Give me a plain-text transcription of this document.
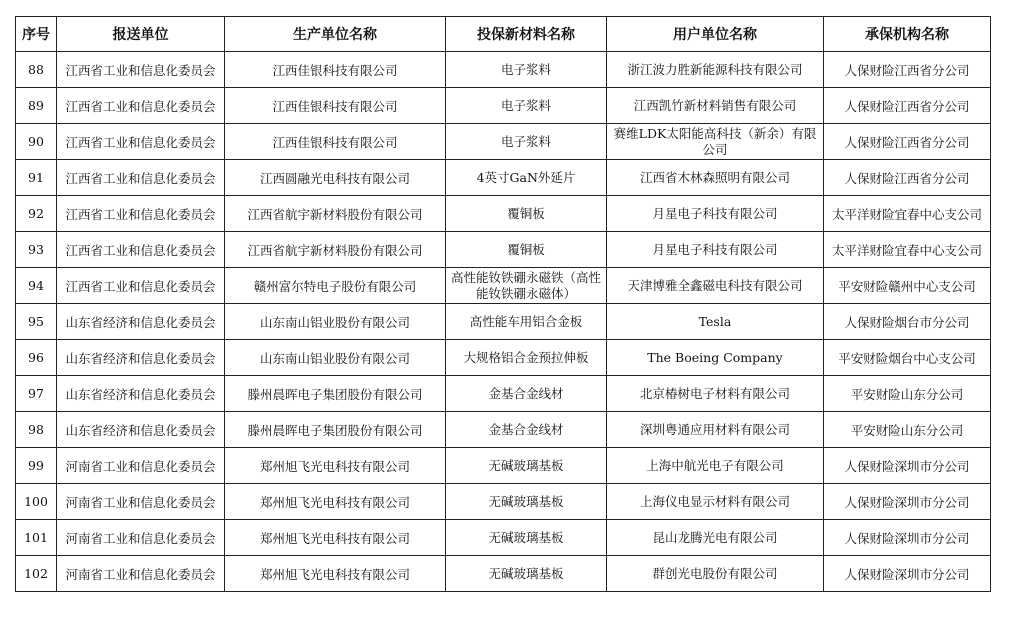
序号	报送单位	生产单位名称	投保新材料名称	用户单位名称	承保机构名称
88	江西省工业和信息化委员会	江西佳银科技有限公司	电子浆料	浙江波力胜新能源科技有限公司	人保财险江西省分公司
89	江西省工业和信息化委员会	江西佳银科技有限公司	电子浆料	江西凯竹新材料销售有限公司	人保财险江西省分公司
90	江西省工业和信息化委员会	江西佳银科技有限公司	电子浆料	赛维LDK太阳能高科技（新余）有限公司	人保财险江西省分公司
91	江西省工业和信息化委员会	江西圆融光电科技有限公司	4英寸GaN外延片	江西省木林森照明有限公司	人保财险江西省分公司
92	江西省工业和信息化委员会	江西省航宇新材料股份有限公司	覆铜板	月星电子科技有限公司	太平洋财险宜春中心支公司
93	江西省工业和信息化委员会	江西省航宇新材料股份有限公司	覆铜板	月星电子科技有限公司	太平洋财险宜春中心支公司
94	江西省工业和信息化委员会	赣州富尔特电子股份有限公司	高性能钕铁硼永磁铁（高性能钕铁硼永磁体）	天津博雅全鑫磁电科技有限公司	平安财险赣州中心支公司
95	山东省经济和信息化委员会	山东南山铝业股份有限公司	高性能车用铝合金板	Tesla	人保财险烟台市分公司
96	山东省经济和信息化委员会	山东南山铝业股份有限公司	大规格铝合金预拉伸板	The Boeing Company	平安财险烟台中心支公司
97	山东省经济和信息化委员会	滕州晨晖电子集团股份有限公司	金基合金线材	北京椿树电子材料有限公司	平安财险山东分公司
98	山东省经济和信息化委员会	滕州晨晖电子集团股份有限公司	金基合金线材	深圳粤通应用材料有限公司	平安财险山东分公司
99	河南省工业和信息化委员会	郑州旭飞光电科技有限公司	无碱玻璃基板	上海中航光电子有限公司	人保财险深圳市分公司
100	河南省工业和信息化委员会	郑州旭飞光电科技有限公司	无碱玻璃基板	上海仪电显示材料有限公司	人保财险深圳市分公司
101	河南省工业和信息化委员会	郑州旭飞光电科技有限公司	无碱玻璃基板	昆山龙腾光电有限公司	人保财险深圳市分公司
102	河南省工业和信息化委员会	郑州旭飞光电科技有限公司	无碱玻璃基板	群创光电股份有限公司	人保财险深圳市分公司
